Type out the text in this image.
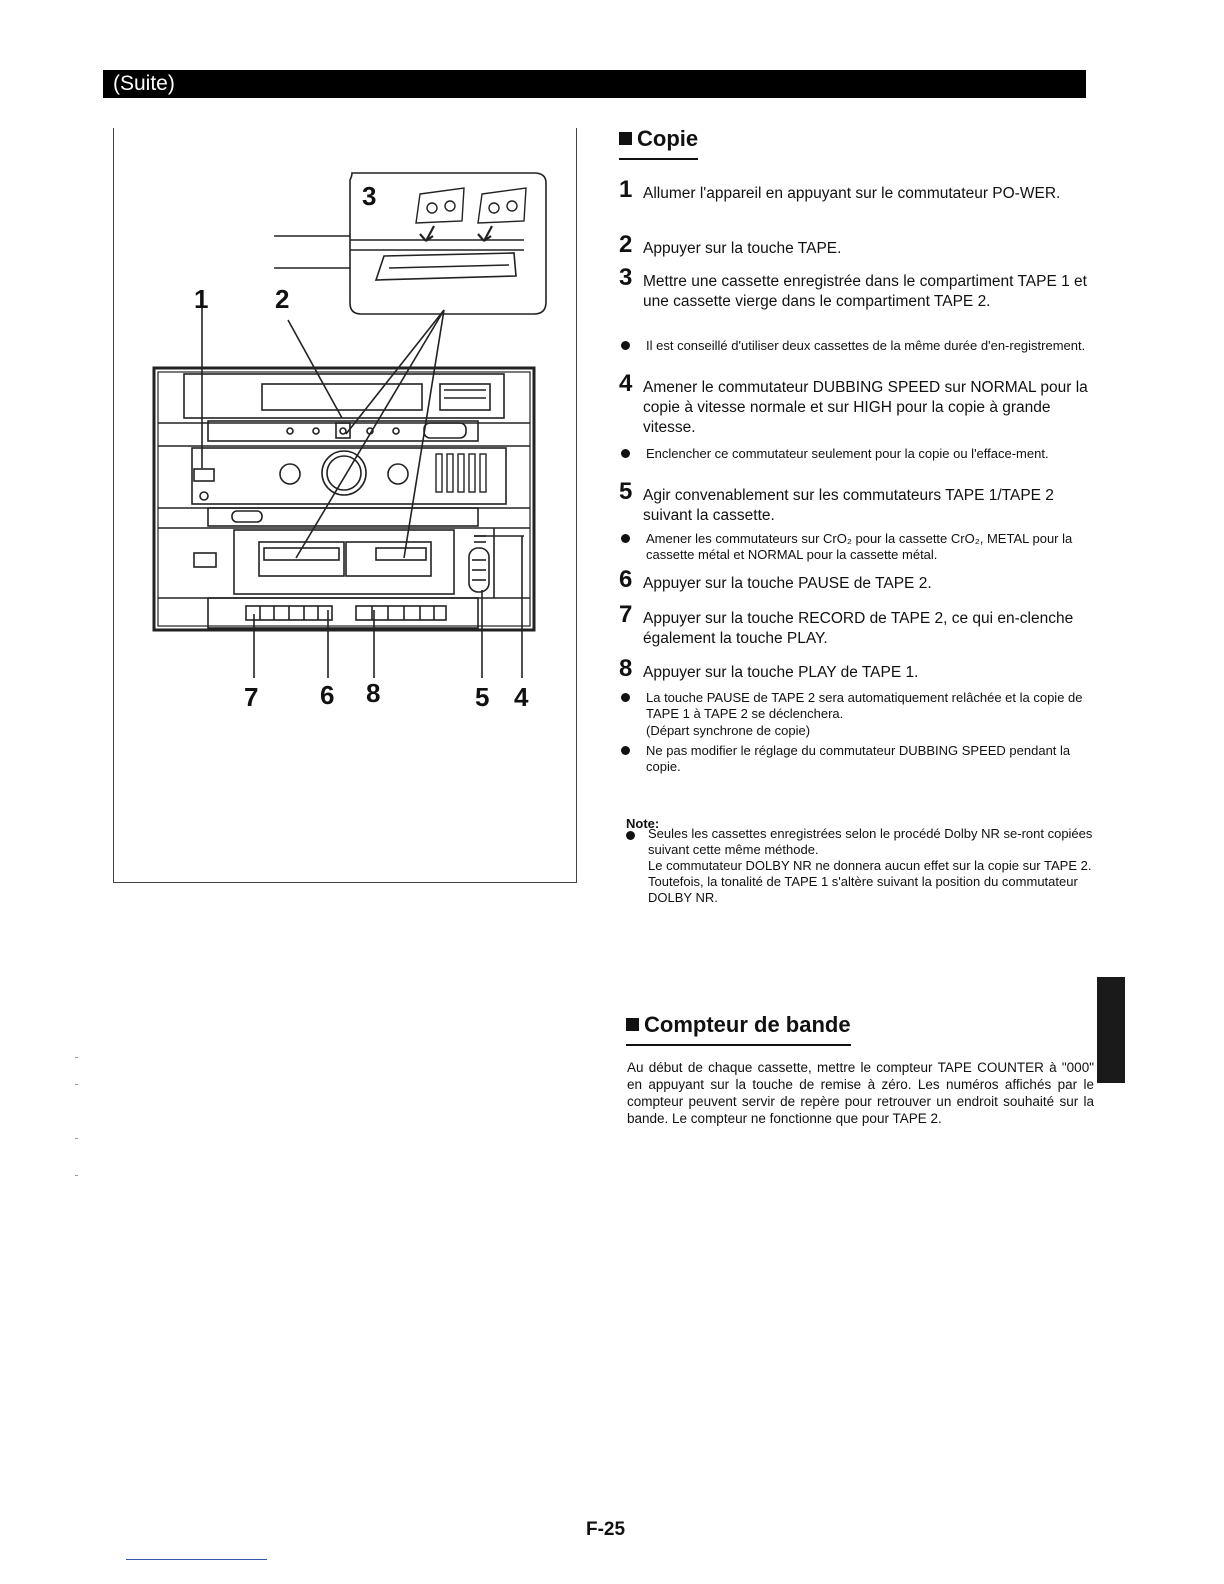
(Suite)
1	2
3
7 6 8	5 4
Copie
1 Allumer l'appareil en appuyant sur le commutateur PO-WER.
2 Appuyer sur la touche TAPE.
3 Mettre une cassette enregistrée dans le compartiment TAPE 1 et une cassette vierge dans le compartiment TAPE 2.
Il est conseillé d'utiliser deux cassettes de la même durée d'en-registrement.
4 Amener le commutateur DUBBING SPEED sur NORMAL pour la copie à vitesse normale et sur HIGH pour la copie à grande vitesse.
Enclencher ce commutateur seulement pour la copie ou l'efface-ment.
5 Agir convenablement sur les commutateurs TAPE 1/TAPE 2 suivant la cassette.
Amener les commutateurs sur CrO₂ pour la cassette CrO₂, METAL pour la cassette métal et NORMAL pour la cassette métal.
6 Appuyer sur la touche PAUSE de TAPE 2.
7 Appuyer sur la touche RECORD de TAPE 2, ce qui en-clenche également la touche PLAY.
8 Appuyer sur la touche PLAY de TAPE 1.
La touche PAUSE de TAPE 2 sera automatiquement relâchée et la copie de TAPE 1 à TAPE 2 se déclenchera.
(Départ synchrone de copie)
Ne pas modifier le réglage du commutateur DUBBING SPEED pendant la copie.
Note:

Seules les cassettes enregistrées selon le procédé Dolby NR se-ront copiées suivant cette même méthode.

Le commutateur DOLBY NR ne donnera aucun effet sur la copie sur TAPE 2.

Toutefois, la tonalité de TAPE 1 s'altère suivant la position du commutateur DOLBY NR.

Compteur de bande
Au début de chaque cassette, mettre le compteur TAPE COUNTER à "000" en appuyant sur la touche de remise à zéro. Les numéros affichés par le compteur peuvent servir de repère pour retrouver un endroit souhaité sur la bande. Le compteur ne fonctionne que pour TAPE 2.
F-25
